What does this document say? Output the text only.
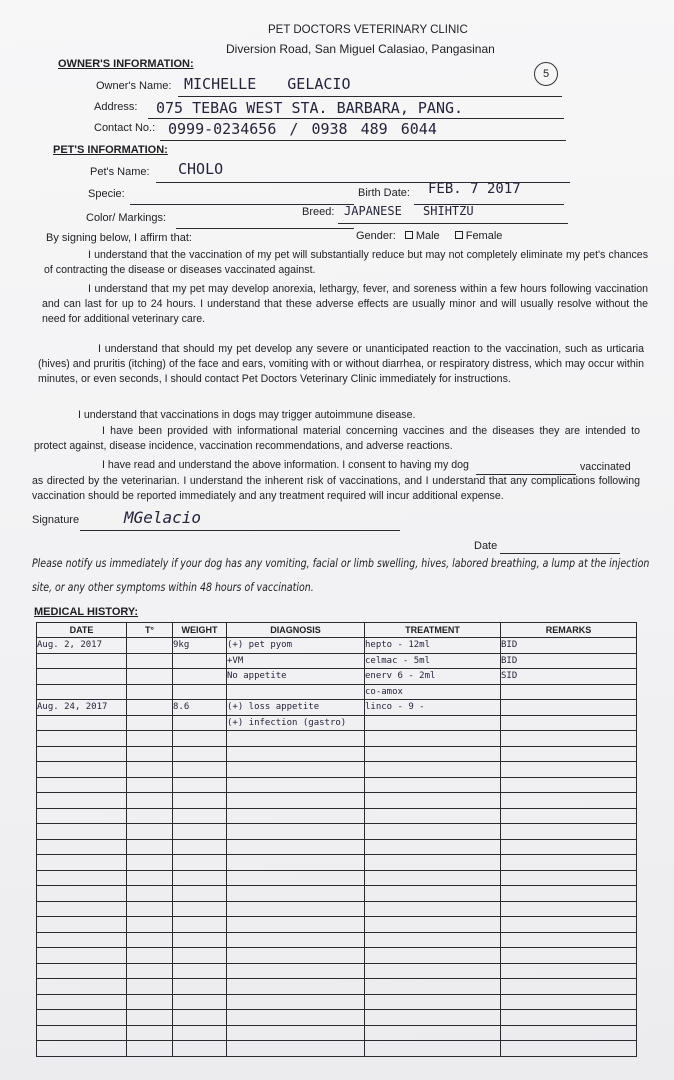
PET DOCTORS VETERINARY CLINIC
Diversion Road, San Miguel Calasiao, Pangasinan
5
OWNER'S INFORMATION:
Owner's Name: MICHELLE GELACIO
Address: 075 TEBAG WEST STA. BARBARA, PANG.
Contact No.: 0999-0234656 / 0938 489 6044
PET'S INFORMATION:
Pet's Name: CHOLO
Specie:	Birth Date: FEB. 7 2017
Breed: JAPANESE SHIHTZU
Color/ Markings:
Gender: Male Female
By signing below, I affirm that:
I understand that the vaccination of my pet will substantially reduce but may not completely eliminate my pet's chances of contracting the disease or diseases vaccinated against.
I understand that my pet may develop anorexia, lethargy, fever, and soreness within a few hours following vaccination and can last for up to 24 hours. I understand that these adverse effects are usually minor and will usually resolve without the need for additional veterinary care.
I understand that should my pet develop any severe or unanticipated reaction to the vaccination, such as urticaria (hives) and pruritis (itching) of the face and ears, vomiting with or without diarrhea, or respiratory distress, which may occur within minutes, or even seconds, I should contact Pet Doctors Veterinary Clinic immediately for instructions.
I understand that vaccinations in dogs may trigger autoimmune disease.
I have been provided with informational material concerning vaccines and the diseases they are intended to protect against, disease incidence, vaccination recommendations, and adverse reactions.
I have read and understand the above information. I consent to having my dog	vaccinated
as directed by the veterinarian. I understand the inherent risk of vaccinations, and I understand that any complications following vaccination should be reported immediately and any treatment required will incur additional expense.
Signature	MGelacio
Date
Please notify us immediately if your dog has any vomiting, facial or limb swelling, hives, labored breathing, a lump at the injection
site, or any other symptoms within 48 hours of vaccination.
MEDICAL HISTORY:
DATE	T°	WEIGHT	DIAGNOSIS	TREATMENT	REMARKS
Aug. 2, 2017		9kg	(+) pet pyom	hepto - 12ml	BID
			+VM	celmac - 5ml	BID
			No appetite	enerv 6 - 2ml	SID
				co-amox	
Aug. 24, 2017		8.6	(+) loss appetite	linco - 9 -	
			(+) infection (gastro)		
